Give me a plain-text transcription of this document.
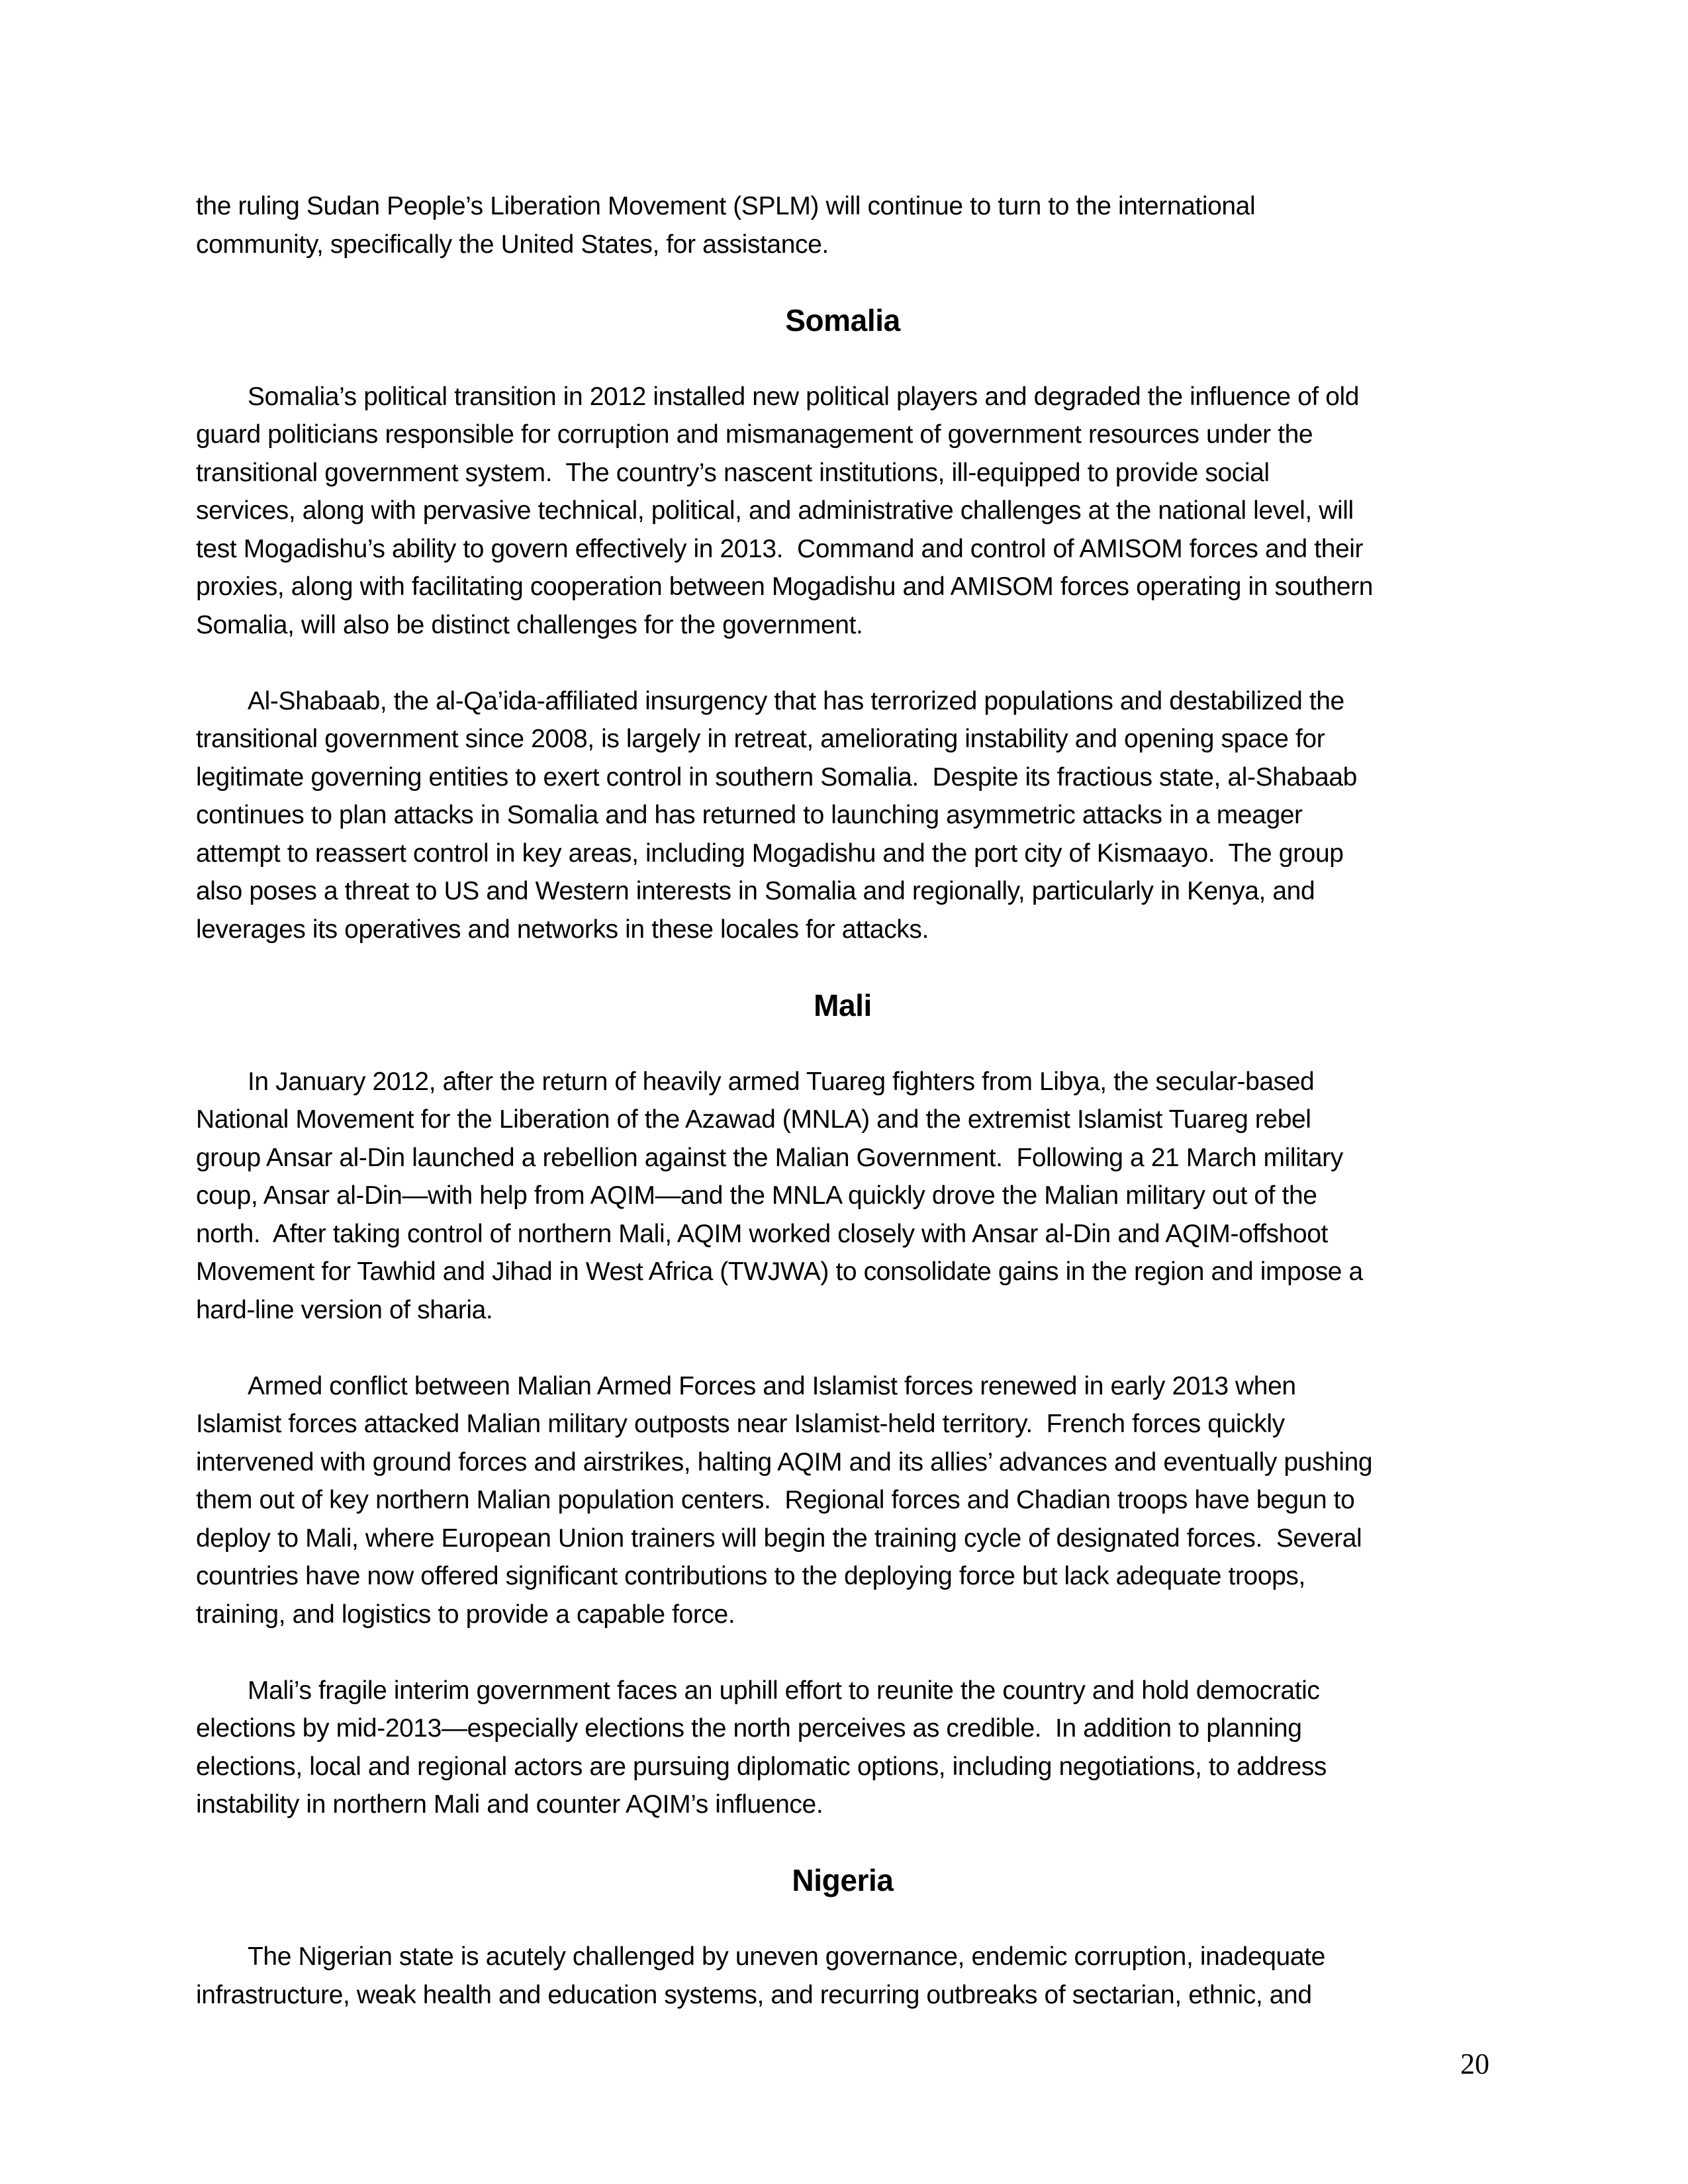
the ruling Sudan People’s Liberation Movement (SPLM) will continue to turn to the international
community, specifically the United States, for assistance.
Somalia
Somalia’s political transition in 2012 installed new political players and degraded the influence of old
guard politicians responsible for corruption and mismanagement of government resources under the
transitional government system.  The country’s nascent institutions, ill-equipped to provide social
services, along with pervasive technical, political, and administrative challenges at the national level, will
test Mogadishu’s ability to govern effectively in 2013.  Command and control of AMISOM forces and their
proxies, along with facilitating cooperation between Mogadishu and AMISOM forces operating in southern
Somalia, will also be distinct challenges for the government.
Al-Shabaab, the al-Qa’ida-affiliated insurgency that has terrorized populations and destabilized the
transitional government since 2008, is largely in retreat, ameliorating instability and opening space for
legitimate governing entities to exert control in southern Somalia.  Despite its fractious state, al-Shabaab
continues to plan attacks in Somalia and has returned to launching asymmetric attacks in a meager
attempt to reassert control in key areas, including Mogadishu and the port city of Kismaayo.  The group
also poses a threat to US and Western interests in Somalia and regionally, particularly in Kenya, and
leverages its operatives and networks in these locales for attacks.
Mali
In January 2012, after the return of heavily armed Tuareg fighters from Libya, the secular-based
National Movement for the Liberation of the Azawad (MNLA) and the extremist Islamist Tuareg rebel
group Ansar al-Din launched a rebellion against the Malian Government.  Following a 21 March military
coup, Ansar al-Din—with help from AQIM—and the MNLA quickly drove the Malian military out of the
north.  After taking control of northern Mali, AQIM worked closely with Ansar al-Din and AQIM-offshoot
Movement for Tawhid and Jihad in West Africa (TWJWA) to consolidate gains in the region and impose a
hard-line version of sharia.
Armed conflict between Malian Armed Forces and Islamist forces renewed in early 2013 when
Islamist forces attacked Malian military outposts near Islamist-held territory.  French forces quickly
intervened with ground forces and airstrikes, halting AQIM and its allies’ advances and eventually pushing
them out of key northern Malian population centers.  Regional forces and Chadian troops have begun to
deploy to Mali, where European Union trainers will begin the training cycle of designated forces.  Several
countries have now offered significant contributions to the deploying force but lack adequate troops,
training, and logistics to provide a capable force.
Mali’s fragile interim government faces an uphill effort to reunite the country and hold democratic
elections by mid-2013—especially elections the north perceives as credible.  In addition to planning
elections, local and regional actors are pursuing diplomatic options, including negotiations, to address
instability in northern Mali and counter AQIM’s influence.
Nigeria
The Nigerian state is acutely challenged by uneven governance, endemic corruption, inadequate
infrastructure, weak health and education systems, and recurring outbreaks of sectarian, ethnic, and
20
